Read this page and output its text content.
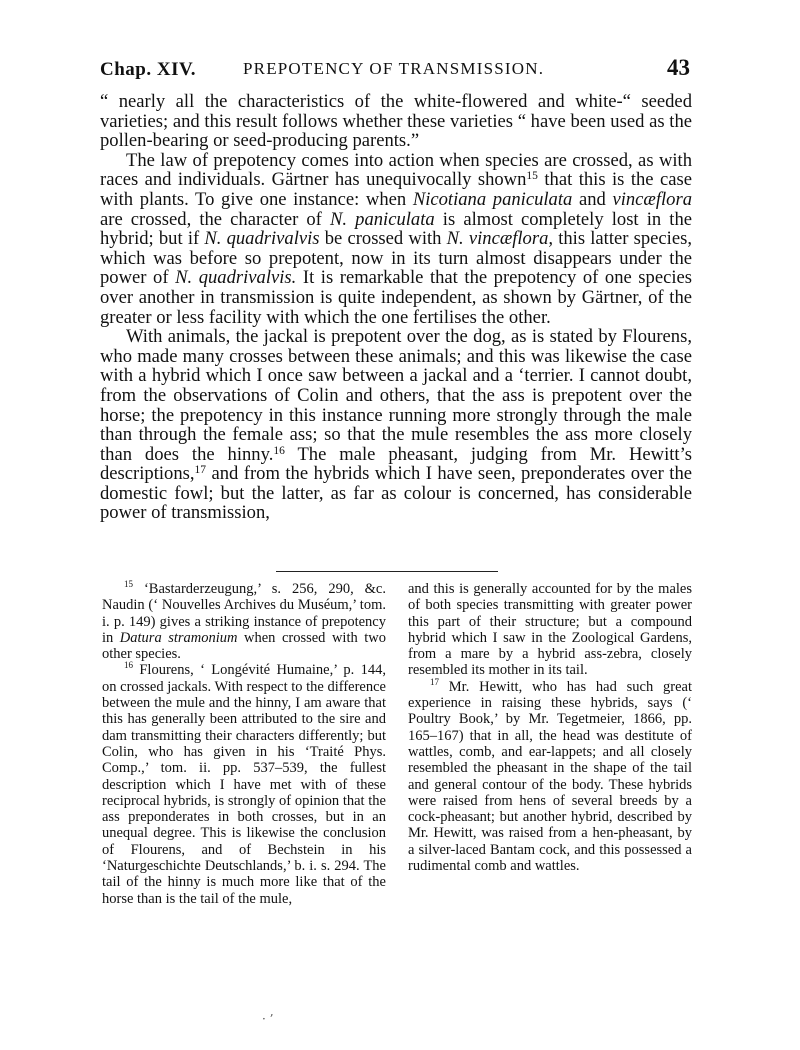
Chap. XIV.	PREPOTENCY OF TRANSMISSION.	43

“ nearly all the characteristics of the white-flowered and white-“ seeded varieties; and this result follows whether these varieties “ have been used as the pollen-bearing or seed-producing parents.”

The law of prepotency comes into action when species are crossed, as with races and individuals. Gärtner has unequivocally shown$^{15}$ that this is the case with plants. To give one instance: when Nicotiana paniculata and vincæflora are crossed, the character of N. paniculata is almost completely lost in the hybrid; but if N. quadrivalvis be crossed with N. vincæflora, this latter species, which was before so prepotent, now in its turn almost disappears under the power of N. quadrivalvis. It is remarkable that the prepotency of one species over another in transmission is quite independent, as shown by Gärtner, of the greater or less facility with which the one fertilises the other.

With animals, the jackal is prepotent over the dog, as is stated by Flourens, who made many crosses between these animals; and this was likewise the case with a hybrid which I once saw between a jackal and a ‘terrier. I cannot doubt, from the observations of Colin and others, that the ass is prepotent over the horse; the prepotency in this instance running more strongly through the male than through the female ass; so that the mule resembles the ass more closely than does the hinny.$^{16}$ The male pheasant, judging from Mr. Hewitt’s descriptions,$^{17}$ and from the hybrids which I have seen, preponderates over the domestic fowl; but the latter, as far as colour is concerned, has considerable power of transmission,

$^{15}$ ‘Bastarderzeugung,’ s. 256, 290, &c. Naudin (‘ Nouvelles Archives du Muséum,’ tom. i. p. 149) gives a striking instance of prepotency in Datura stramonium when crossed with two other species.

$^{16}$ Flourens, ‘ Longévité Humaine,’ p. 144, on crossed jackals. With respect to the difference between the mule and the hinny, I am aware that this has generally been attributed to the sire and dam transmitting their characters differently; but Colin, who has given in his ‘Traité Phys. Comp.,’ tom. ii. pp. 537–539, the fullest description which I have met with of these reciprocal hybrids, is strongly of opinion that the ass preponderates in both crosses, but in an unequal degree. This is likewise the conclusion of Flourens, and of Bechstein in his ‘Naturgeschichte Deutschlands,’ b. i. s. 294. The tail of the hinny is much more like that of the horse than is the tail of the mule,

and this is generally accounted for by the males of both species transmitting with greater power this part of their structure; but a compound hybrid which I saw in the Zoological Gardens, from a mare by a hybrid ass-zebra, closely resembled its mother in its tail.

$^{17}$ Mr. Hewitt, who has had such great experience in raising these hybrids, says (‘ Poultry Book,’ by Mr. Tegetmeier, 1866, pp. 165–167) that in all, the head was destitute of wattles, comb, and ear-lappets; and all closely resembled the pheasant in the shape of the tail and general contour of the body. These hybrids were raised from hens of several breeds by a cock-pheasant; but another hybrid, described by Mr. Hewitt, was raised from a hen-pheasant, by a silver-laced Bantam cock, and this possessed a rudimental comb and wattles.

· ’
